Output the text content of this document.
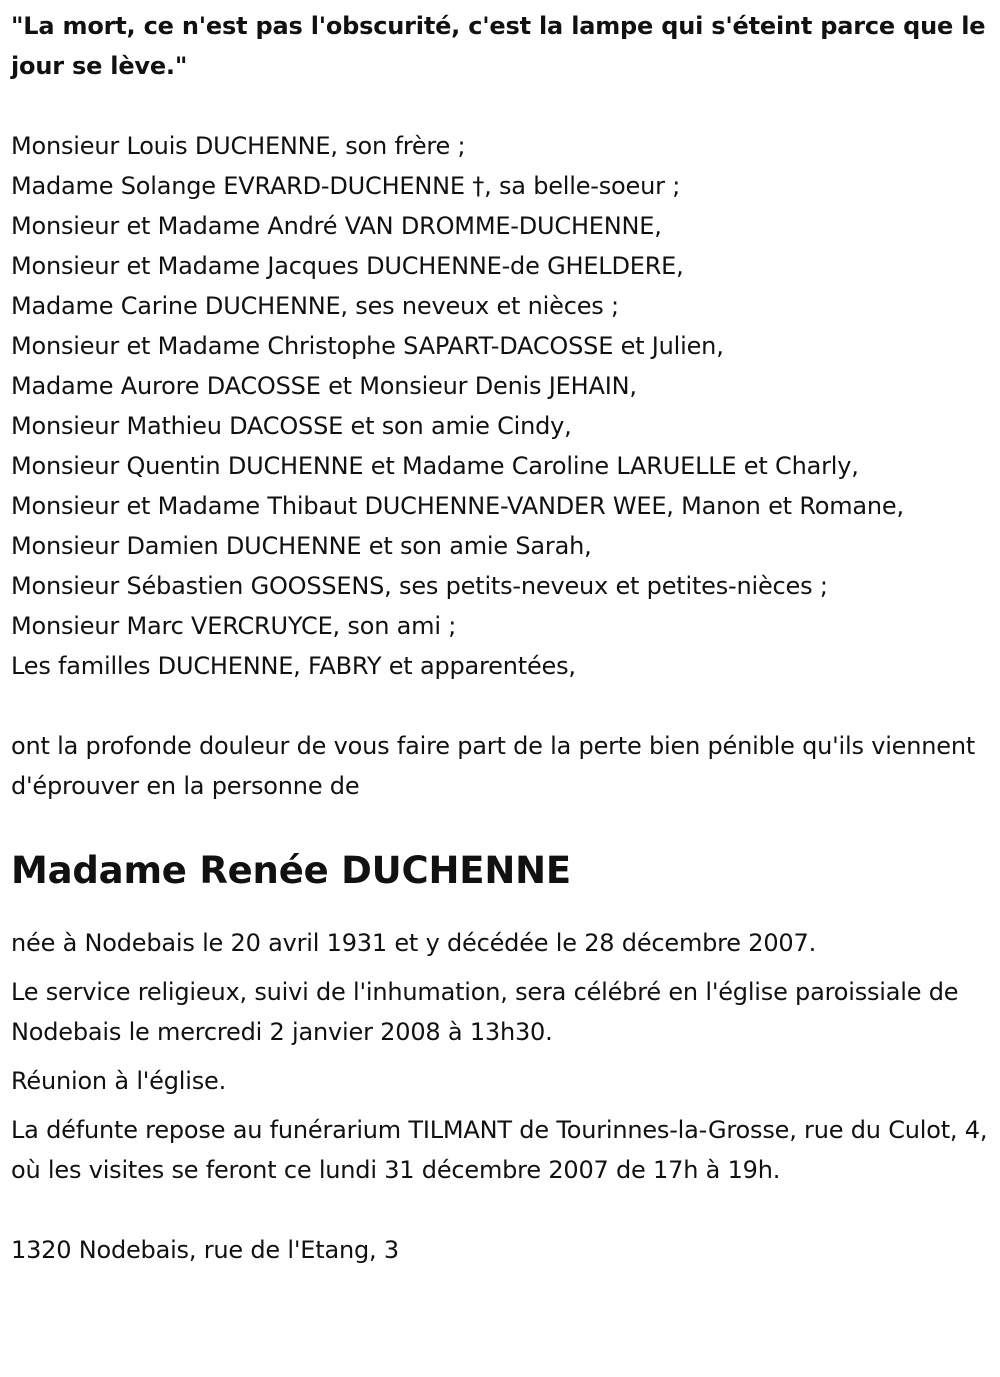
"La mort, ce n'est pas l'obscurité, c'est la lampe qui s'éteint parce que le jour se lève."

Monsieur Louis DUCHENNE, son frère ;
Madame Solange EVRARD-DUCHENNE †, sa belle-soeur ;
Monsieur et Madame André VAN DROMME-DUCHENNE,
Monsieur et Madame Jacques DUCHENNE-de GHELDERE,
Madame Carine DUCHENNE, ses neveux et nièces ;
Monsieur et Madame Christophe SAPART-DACOSSE et Julien,
Madame Aurore DACOSSE et Monsieur Denis JEHAIN,
Monsieur Mathieu DACOSSE et son amie Cindy,
Monsieur Quentin DUCHENNE et Madame Caroline LARUELLE et Charly,
Monsieur et Madame Thibaut DUCHENNE-VANDER WEE, Manon et Romane,
Monsieur Damien DUCHENNE et son amie Sarah,
Monsieur Sébastien GOOSSENS, ses petits-neveux et petites-nièces ;
Monsieur Marc VERCRUYCE, son ami ;
Les familles DUCHENNE, FABRY et apparentées,

ont la profonde douleur de vous faire part de la perte bien pénible qu'ils viennent d'éprouver en la personne de

Madame Renée DUCHENNE

née à Nodebais le 20 avril 1931 et y décédée le 28 décembre 2007.

Le service religieux, suivi de l'inhumation, sera célébré en l'église paroissiale de Nodebais le mercredi 2 janvier 2008 à 13h30.

Réunion à l'église.

La défunte repose au funérarium TILMANT de Tourinnes-la-Grosse, rue du Culot, 4, où les visites se feront ce lundi 31 décembre 2007 de 17h à 19h.

1320 Nodebais, rue de l'Etang, 3
